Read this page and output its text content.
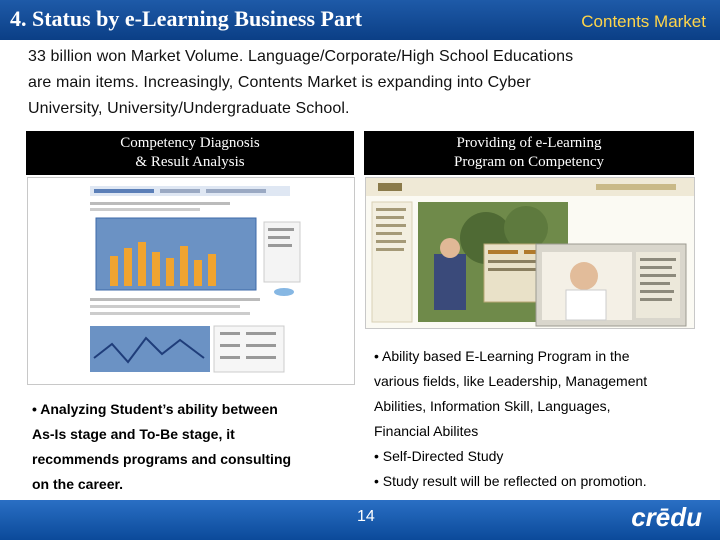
4. Status by e-Learning Business Part	Contents Market
33 billion won Market Volume. Language/Corporate/High School Educations
are main items. Increasingly, Contents Market is expanding into Cyber
University, University/Undergraduate School.
Competency Diagnosis
& Result Analysis
Providing of e-Learning
Program on Competency
• Analyzing Student’s ability between
As-Is stage and To-Be stage, it
recommends programs and consulting
on the career.
• Ability based E-Learning Program in the
various fields, like Leadership, Management
Abilities, Information Skill, Languages,
Financial Abilites
• Self-Directed Study
• Study result will be reflected on promotion.
14	crēdu
